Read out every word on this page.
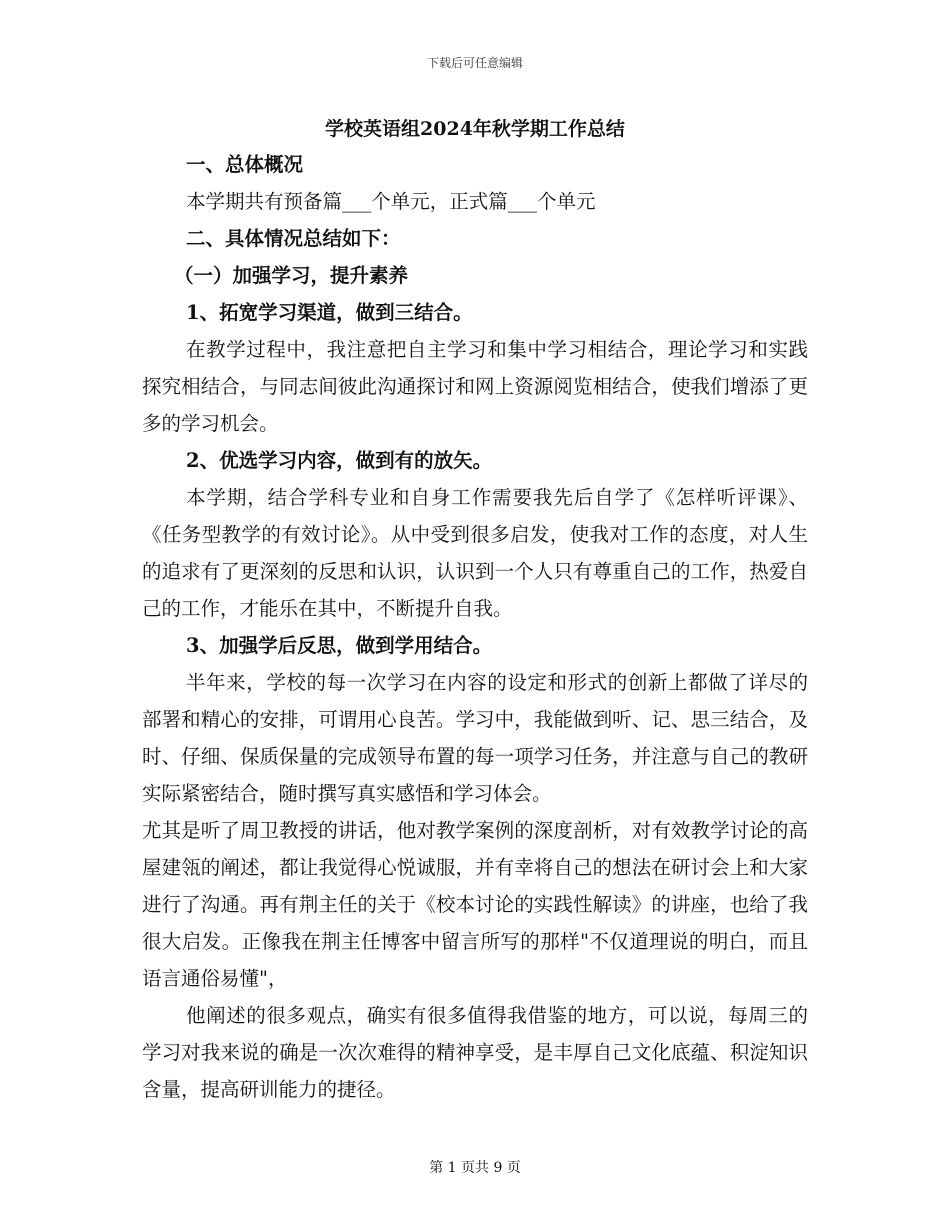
下载后可任意编辑
学校英语组2024年秋学期工作总结

一、总体概况

本学期共有预备篇___个单元，正式篇___个单元

二、具体情况总结如下：

（一）加强学习，提升素养

1、拓宽学习渠道，做到三结合。

在教学过程中，我注意把自主学习和集中学习相结合，理论学习和实践探究相结合，与同志间彼此沟通探讨和网上资源阅览相结合，使我们增添了更多的学习机会。

2、优选学习内容，做到有的放矢。

本学期，结合学科专业和自身工作需要我先后自学了《怎样听评课》、《任务型教学的有效讨论》。从中受到很多启发，使我对工作的态度，对人生的追求有了更深刻的反思和认识，认识到一个人只有尊重自己的工作，热爱自己的工作，才能乐在其中，不断提升自我。

3、加强学后反思，做到学用结合。

半年来，学校的每一次学习在内容的设定和形式的创新上都做了详尽的部署和精心的安排，可谓用心良苦。学习中，我能做到听、记、思三结合，及时、仔细、保质保量的完成领导布置的每一项学习任务，并注意与自己的教研实际紧密结合，随时撰写真实感悟和学习体会。

尤其是听了周卫教授的讲话，他对教学案例的深度剖析，对有效教学讨论的高屋建瓴的阐述，都让我觉得心悦诚服，并有幸将自己的想法在研讨会上和大家进行了沟通。再有荆主任的关于《校本讨论的实践性解读》的讲座，也给了我很大启发。正像我在荆主任博客中留言所写的那样"不仅道理说的明白，而且语言通俗易懂"，

他阐述的很多观点，确实有很多值得我借鉴的地方，可以说，每周三的学习对我来说的确是一次次难得的精神享受，是丰厚自己文化底蕴、积淀知识含量，提高研训能力的捷径。

第 1 页共 9 页
